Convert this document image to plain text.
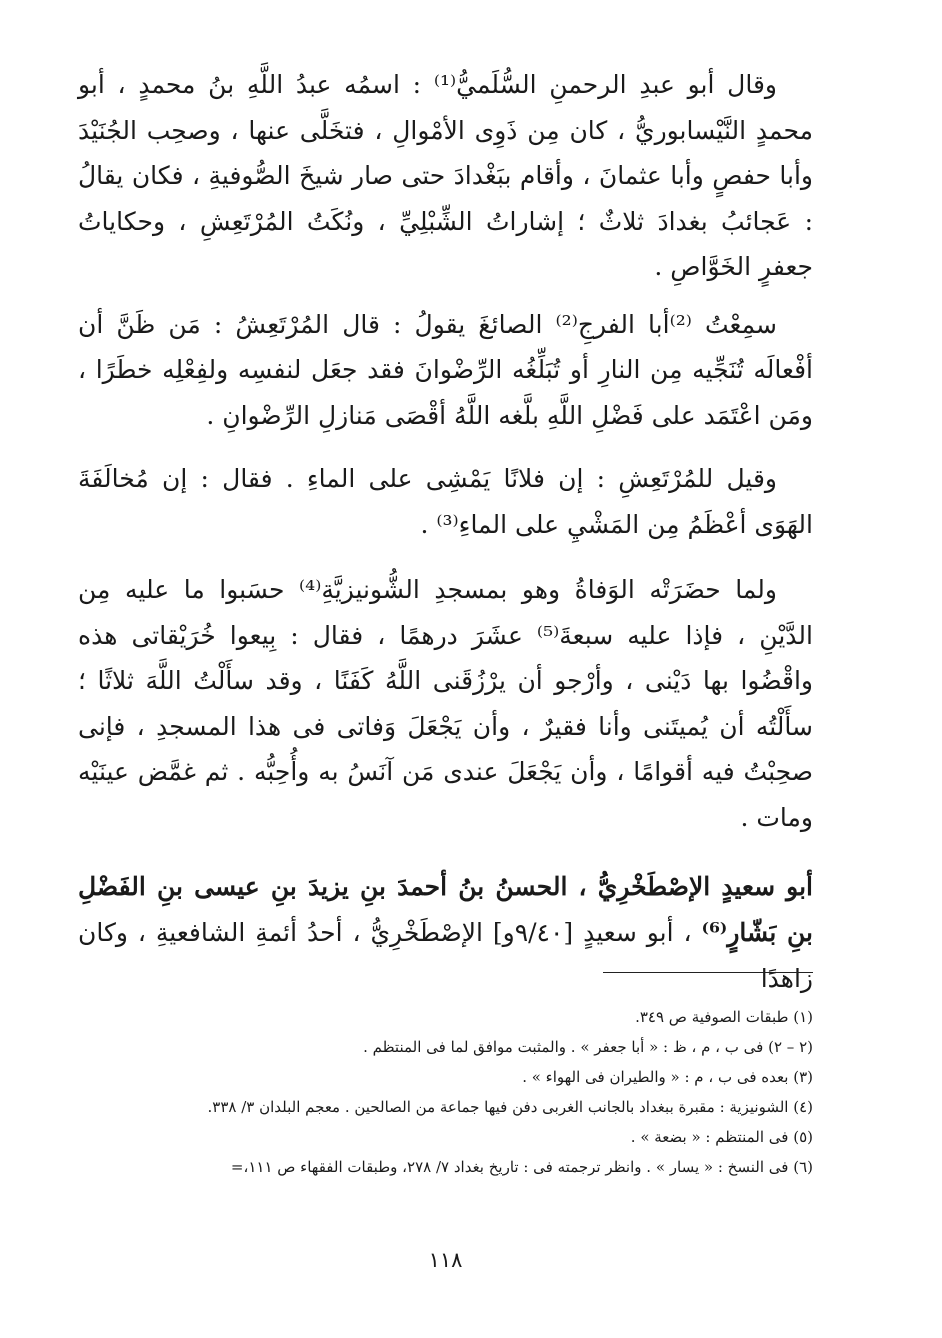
وقال أبو عبدِ الرحمنِ السُّلَميُّ⁽¹⁾ : اسمُه عبدُ اللَّهِ بنُ محمدٍ ، أبو محمدٍ النَّيْسابوريُّ ، كان مِن ذَوِى الأمْوالِ ، فتخَلَّى عنها ، وصحِب الجُنَيْدَ وأبا حفصٍ وأبا عثمانَ ، وأقام ببَغْدادَ حتى صار شيخَ الصُّوفيةِ ، فكان يقالُ : عَجائبُ بغدادَ ثلاثٌ ؛ إشاراتُ الشِّبْلِيِّ ، ونُكَتُ المُرْتَعِشِ ، وحكاياتُ جعفرٍ الخَوَّاصِ .

سمِعْتُ ⁽²⁾أبا الفرجِ⁽²⁾ الصائغَ يقولُ : قال المُرْتَعِشُ : مَن ظَنَّ أن أفْعالَه تُنَجِّيه مِن النارِ أو تُبَلِّغُه الرِّضْوانَ فقد جعَل لنفسِه ولفِعْلِه خطَرًا ، ومَن اعْتَمَد على فَضْلِ اللَّهِ بلَّغه اللَّهُ أقْصَى مَنازلِ الرِّضْوانِ .

وقيل للمُرْتَعِشِ : إن فلانًا يَمْشِى على الماءِ . فقال : إن مُخالَفَةَ الهَوَى أعْظَمُ مِن المَشْيِ على الماءِ⁽³⁾ .

ولما حضَرَتْه الوَفاةُ وهو بمسجدِ الشُّونيزيَّةِ⁽⁴⁾ حسَبوا ما عليه مِن الدَّيْنِ ، فإذا عليه سبعةَ⁽⁵⁾ عشَرَ درهمًا ، فقال : بِيعوا خُرَيْقاتى هذه واقْضُوا بها دَيْنى ، وأرْجو أن يرْزُقَنى اللَّهُ كَفَنًا ، وقد سأَلْتُ اللَّهَ ثلاثًا ؛ سأَلْتُه أن يُميتَنى وأنا فقيرٌ ، وأن يَجْعَلَ وَفاتى فى هذا المسجدِ ، فإنى صحِبْتُ فيه أقوامًا ، وأن يَجْعَلَ عندى مَن آنَسُ به وأُحِبُّه . ثم غمَّض عينَيْه ومات .

أبو سعيدٍ الإصْطَخْرِيُّ ، الحسنُ بنُ أحمدَ بنِ يزيدَ بنِ عيسى بنِ الفَضْلِ بنِ بَشّارٍ⁽⁶⁾ ، أبو سعيدٍ [٩/٤٠و] الإصْطَخْرِيُّ ، أحدُ أئمةِ الشافعيةِ ، وكان زاهدًا

(١) طبقات الصوفية ص ٣٤٩.
(٢ – ٢) فى ب ، م ، ظ : « أبا جعفر » . والمثبت موافق لما فى المنتظم .
(٣) بعده فى ب ، م : « والطيران فى الهواء » .
(٤) الشونيزية : مقبرة ببغداد بالجانب الغربى دفن فيها جماعة من الصالحين . معجم البلدان ٣/ ٣٣٨.
(٥) فى المنتظم : « بضعة » .
(٦) فى النسخ : « يسار » . وانظر ترجمته فى : تاريخ بغداد ٧/ ٢٧٨، وطبقات الفقهاء ص ١١١،=
١١٨
